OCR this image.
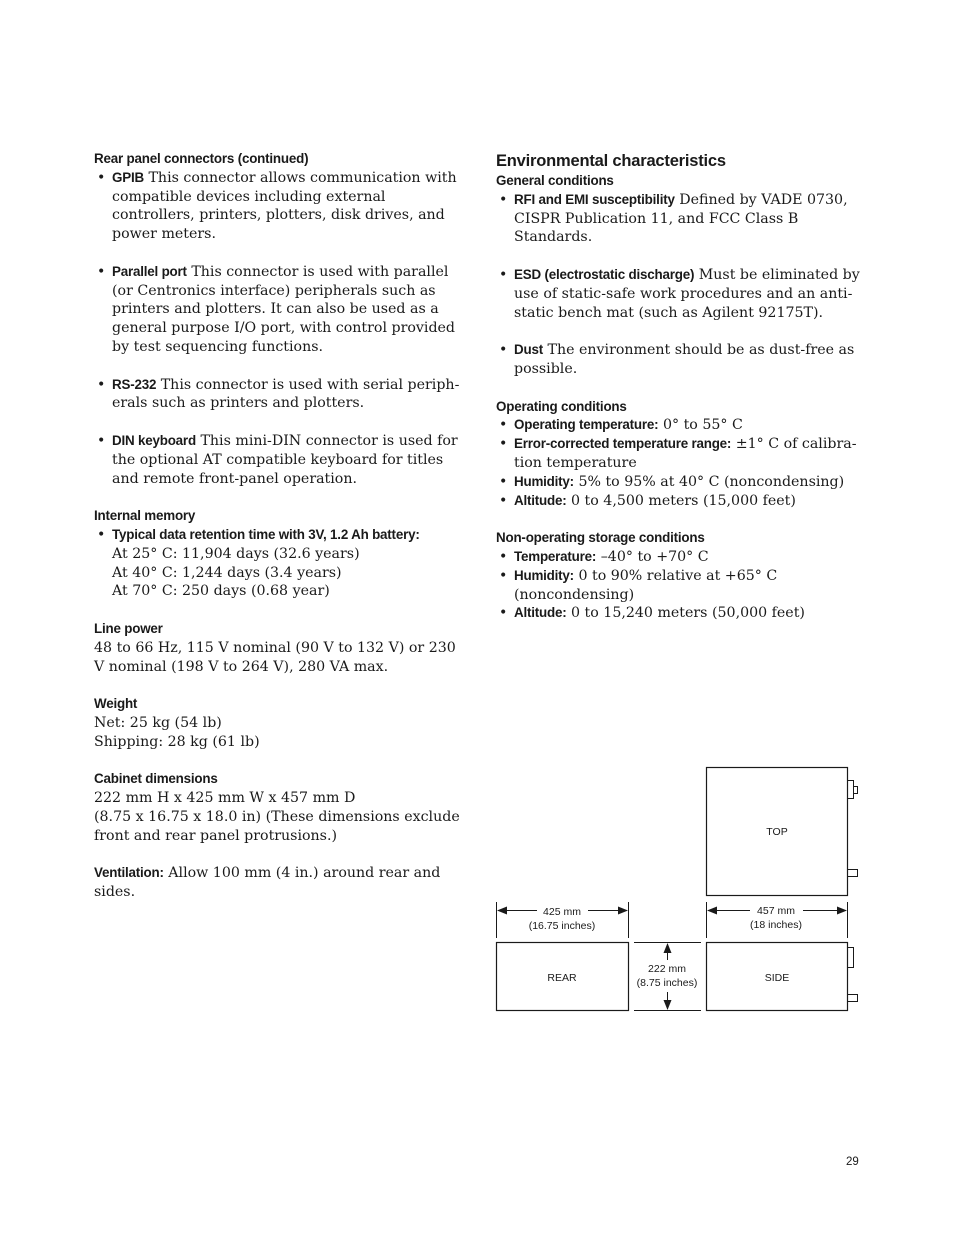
Rear panel connectors (continued)
• GPIB This connector allows communication with compatible devices including external controllers, printers, plotters, disk drives, and power meters.
• Parallel port This connector is used with parallel (or Centronics interface) peripherals such as printers and plotters. It can also be used as a general purpose I/O port, with control provided by test sequencing functions.
• RS-232 This connector is used with serial periph-erals such as printers and plotters.
• DIN keyboard This mini-DIN connector is used for the optional AT compatible keyboard for titles and remote front-panel operation.
Internal memory
• Typical data retention time with 3V, 1.2 Ah battery:
At 25° C: 11,904 days (32.6 years)
At 40° C: 1,244 days (3.4 years)
At 70° C: 250 days (0.68 year)
Line power
48 to 66 Hz, 115 V nominal (90 V to 132 V) or 230 V nominal (198 V to 264 V), 280 VA max.
Weight
Net: 25 kg (54 lb)
Shipping: 28 kg (61 lb)
Cabinet dimensions
222 mm H x 425 mm W x 457 mm D
(8.75 x 16.75 x 18.0 in) (These dimensions exclude front and rear panel protrusions.)
Ventilation: Allow 100 mm (4 in.) around rear and sides.
Environmental characteristics
General conditions
• RFI and EMI susceptibility Defined by VADE 0730, CISPR Publication 11, and FCC Class B Standards.
• ESD (electrostatic discharge) Must be eliminated by use of static-safe work procedures and an anti-static bench mat (such as Agilent 92175T).
• Dust The environment should be as dust-free as possible.
Operating conditions
• Operating temperature: 0° to 55° C
• Error-corrected temperature range: ±1° C of calibra-tion temperature
• Humidity: 5% to 95% at 40° C (noncondensing)
• Altitude: 0 to 4,500 meters (15,000 feet)
Non-operating storage conditions
• Temperature: –40° to +70° C
• Humidity: 0 to 90% relative at +65° C (noncondensing)
• Altitude: 0 to 15,240 meters (50,000 feet)
TOP
REAR	SIDE
425 mm
(16.75 inches)
457 mm
(18 inches)
222 mm
(8.75 inches)
29
